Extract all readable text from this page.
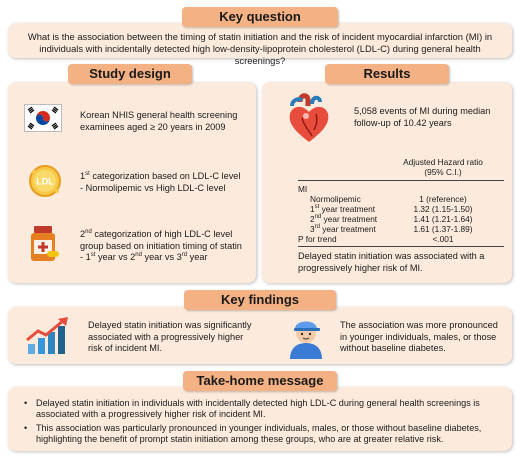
Key question
What is the association between the timing of statin initiation and the risk of incident myocardial infarction (MI) in individuals with incidentally detected high low-density-lipoprotein cholesterol (LDL-C) during general health screenings?
Study design
Korean NHIS general health screening examinees aged ≥ 20 years in 2009
LDL
1st categorization based on LDL-C level
- Normolipemic vs High LDL-C level
2nd categorization of high LDL-C level group based on initiation timing of statin
- 1st year vs 2nd year vs 3rd year
Results
5,058 events of MI during median follow-up of 10.42 years
	Adjusted Hazard ratio
	(95% C.I.)
MI	
Normolipemic	1 (reference)
1st year treatment	1.32 (1.15-1.50)
2nd year treatment	1.41 (1.21-1.64)
3rd year treatment	1.61 (1.37-1.89)
P for trend	<.001
Delayed statin initiation was associated with a progressively higher risk of MI.
Key findings
Delayed statin initiation was significantly associated with a progressively higher risk of incident MI.
The association was more pronounced in younger individuals, males, or those without baseline diabetes.
Take-home message
• Delayed statin initiation in individuals with incidentally detected high LDL-C during general health screenings is associated with a progressively higher risk of incident MI.
• This association was particularly pronounced in younger individuals, males, or those without baseline diabetes, highlighting the benefit of prompt statin initiation among these groups, who are at greater relative risk.
